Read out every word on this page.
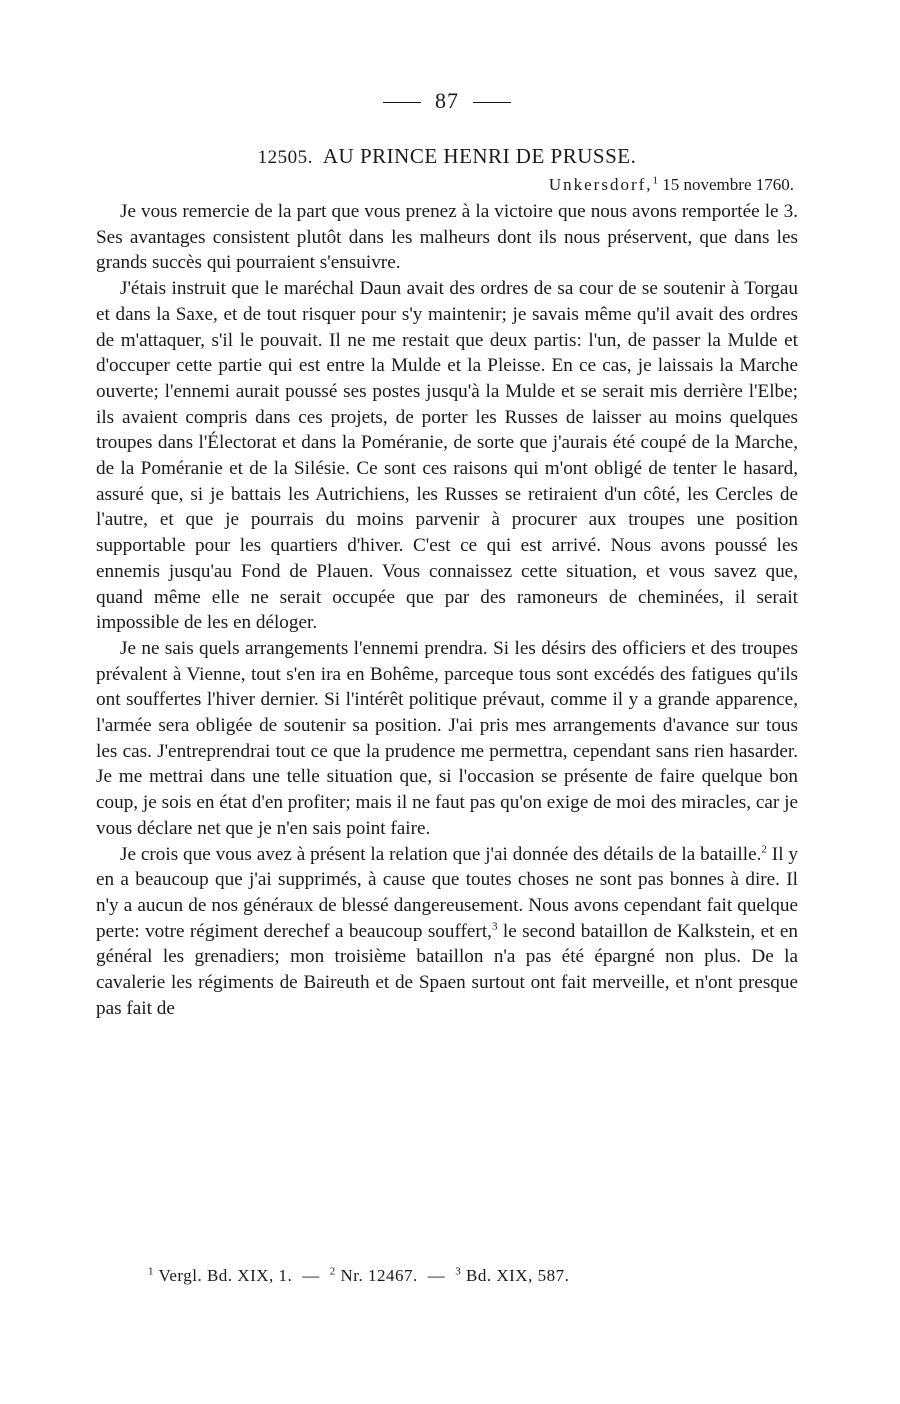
87
12505. AU PRINCE HENRI DE PRUSSE.
Unkersdorf,$^1$ 15 novembre 1760.

Je vous remercie de la part que vous prenez à la victoire que nous avons remportée le 3. Ses avantages consistent plutôt dans les malheurs dont ils nous préservent, que dans les grands succès qui pourraient s'ensuivre.

J'étais instruit que le maréchal Daun avait des ordres de sa cour de se soutenir à Torgau et dans la Saxe, et de tout risquer pour s'y maintenir; je savais même qu'il avait des ordres de m'attaquer, s'il le pouvait. Il ne me restait que deux partis: l'un, de passer la Mulde et d'occuper cette partie qui est entre la Mulde et la Pleisse. En ce cas, je laissais la Marche ouverte; l'ennemi aurait poussé ses postes jusqu'à la Mulde et se serait mis derrière l'Elbe; ils avaient compris dans ces projets, de porter les Russes de laisser au moins quelques troupes dans l'Électorat et dans la Poméranie, de sorte que j'aurais été coupé de la Marche, de la Poméranie et de la Silésie. Ce sont ces raisons qui m'ont obligé de tenter le hasard, assuré que, si je battais les Autrichiens, les Russes se retiraient d'un côté, les Cercles de l'autre, et que je pourrais du moins parvenir à procurer aux troupes une position supportable pour les quartiers d'hiver. C'est ce qui est arrivé. Nous avons poussé les ennemis jusqu'au Fond de Plauen. Vous connaissez cette situation, et vous savez que, quand même elle ne serait occupée que par des ramoneurs de cheminées, il serait impossible de les en déloger.

Je ne sais quels arrangements l'ennemi prendra. Si les désirs des officiers et des troupes prévalent à Vienne, tout s'en ira en Bohême, parceque tous sont excédés des fatigues qu'ils ont souffertes l'hiver dernier. Si l'intérêt politique prévaut, comme il y a grande apparence, l'armée sera obligée de soutenir sa position. J'ai pris mes arrangements d'avance sur tous les cas. J'entreprendrai tout ce que la prudence me permettra, cependant sans rien hasarder. Je me mettrai dans une telle situation que, si l'occasion se présente de faire quelque bon coup, je sois en état d'en profiter; mais il ne faut pas qu'on exige de moi des miracles, car je vous déclare net que je n'en sais point faire.

Je crois que vous avez à présent la relation que j'ai donnée des détails de la bataille.$^2$ Il y en a beaucoup que j'ai supprimés, à cause que toutes choses ne sont pas bonnes à dire. Il n'y a aucun de nos généraux de blessé dangereusement. Nous avons cependant fait quelque perte: votre régiment derechef a beaucoup souffert,$^3$ le second bataillon de Kalkstein, et en général les grenadiers; mon troisième bataillon n'a pas été épargné non plus. De la cavalerie les régiments de Baireuth et de Spaen surtout ont fait merveille, et n'ont presque pas fait de

$^1$ Vergl. Bd. XIX, 1. — $^2$ Nr. 12467. — $^3$ Bd. XIX, 587.
